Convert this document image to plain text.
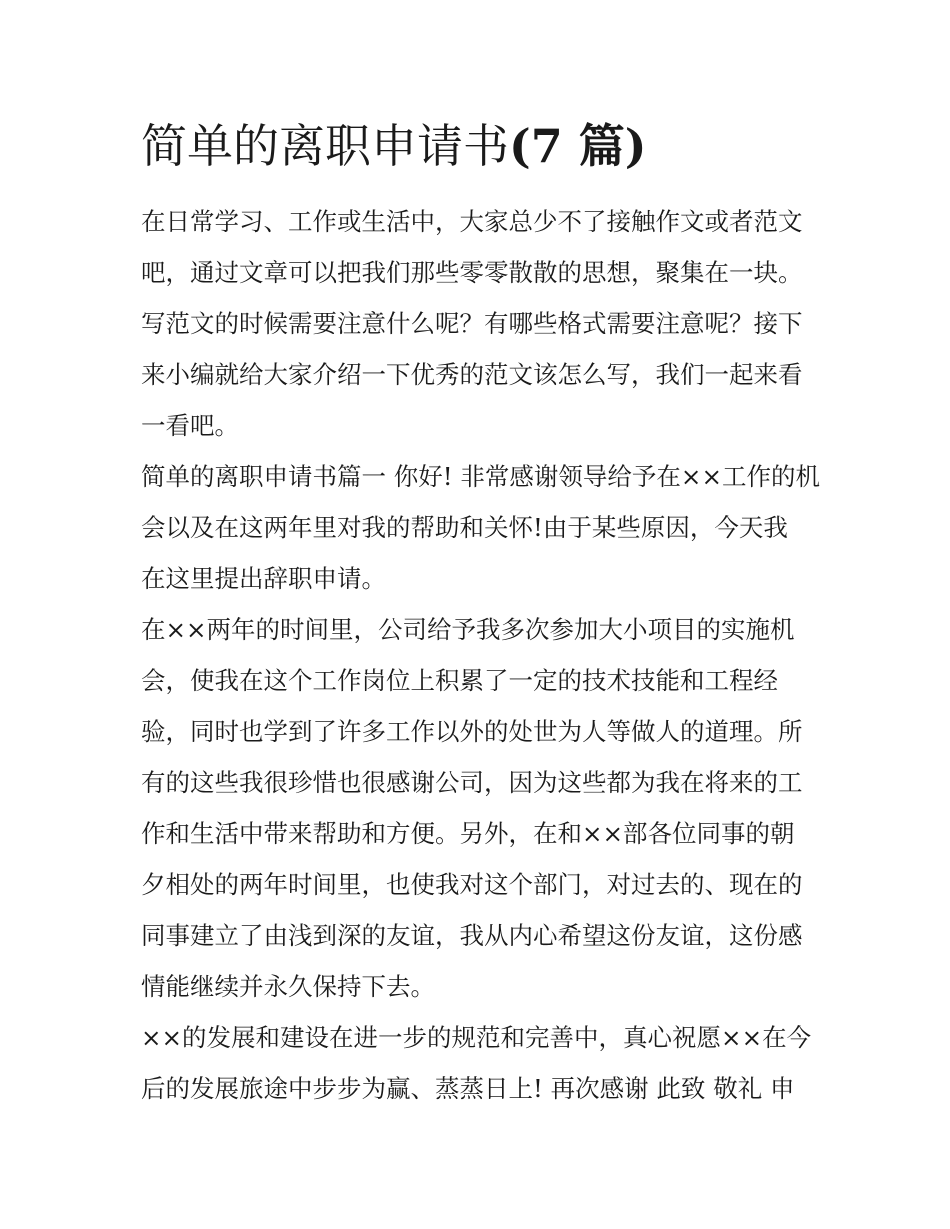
简单的离职申请书(7 篇)

在日常学习、工作或生活中，大家总少不了接触作文或者范文
吧，通过文章可以把我们那些零零散散的思想，聚集在一块。
写范文的时候需要注意什么呢？有哪些格式需要注意呢？接下
来小编就给大家介绍一下优秀的范文该怎么写，我们一起来看
一看吧。

简单的离职申请书篇一 你好! 非常感谢领导给予在××工作的机
会以及在这两年里对我的帮助和关怀!由于某些原因，今天我
在这里提出辞职申请。

在××两年的时间里，公司给予我多次参加大小项目的实施机
会，使我在这个工作岗位上积累了一定的技术技能和工程经
验，同时也学到了许多工作以外的处世为人等做人的道理。所
有的这些我很珍惜也很感谢公司，因为这些都为我在将来的工
作和生活中带来帮助和方便。另外，在和××部各位同事的朝
夕相处的两年时间里，也使我对这个部门，对过去的、现在的
同事建立了由浅到深的友谊，我从内心希望这份友谊，这份感
情能继续并永久保持下去。

××的发展和建设在进一步的规范和完善中，真心祝愿××在今
后的发展旅途中步步为赢、蒸蒸日上! 再次感谢 此致 敬礼 申
